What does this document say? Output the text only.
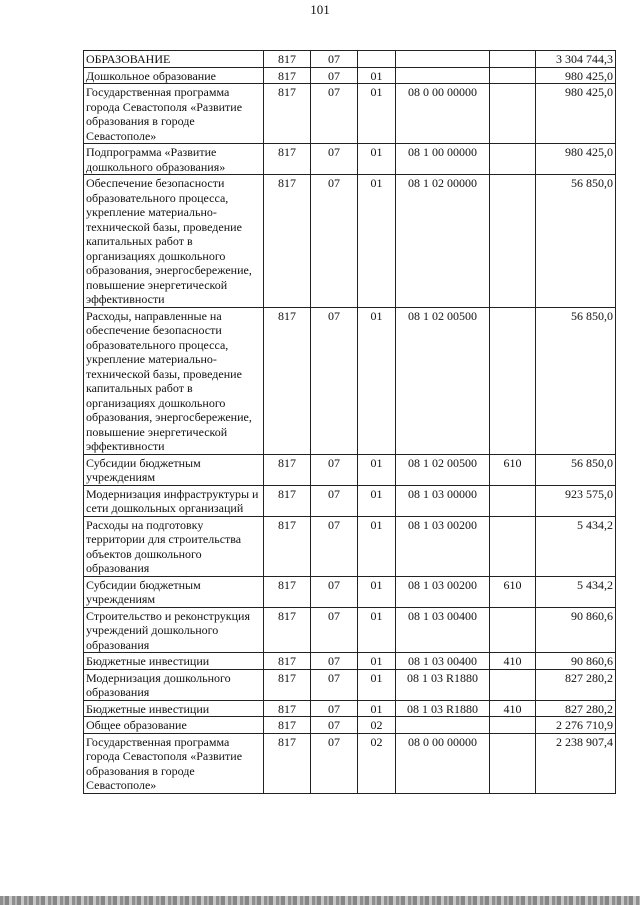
101
ОБРАЗОВАНИЕ	817	07				3 304 744,3
Дошкольное образование	817	07	01			980 425,0
Государственная программа города Севастополя «Развитие образования в городе Севастополе»	817	07	01	08 0 00 00000		980 425,0
Подпрограмма «Развитие дошкольного образования»	817	07	01	08 1 00 00000		980 425,0
Обеспечение безопасности образовательного процесса, укрепление материально-технической базы, проведение капитальных работ в организациях дошкольного образования, энергосбережение, повышение энергетической эффективности	817	07	01	08 1 02 00000		56 850,0
Расходы, направленные на обеспечение безопасности образовательного процесса, укрепление материально-технической базы, проведение капитальных работ в организациях дошкольного образования, энергосбережение, повышение энергетической эффективности	817	07	01	08 1 02 00500		56 850,0
Субсидии бюджетным учреждениям	817	07	01	08 1 02 00500	610	56 850,0
Модернизация инфраструктуры и сети дошкольных организаций	817	07	01	08 1 03 00000		923 575,0
Расходы на подготовку территории для строительства объектов дошкольного образования	817	07	01	08 1 03 00200		5 434,2
Субсидии бюджетным учреждениям	817	07	01	08 1 03 00200	610	5 434,2
Строительство и реконструкция учреждений дошкольного образования	817	07	01	08 1 03 00400		90 860,6
Бюджетные инвестиции	817	07	01	08 1 03 00400	410	90 860,6
Модернизация дошкольного образования	817	07	01	08 1 03 R1880		827 280,2
Бюджетные инвестиции	817	07	01	08 1 03 R1880	410	827 280,2
Общее образование	817	07	02			2 276 710,9
Государственная программа города Севастополя «Развитие образования в городе Севастополе»	817	07	02	08 0 00 00000		2 238 907,4
